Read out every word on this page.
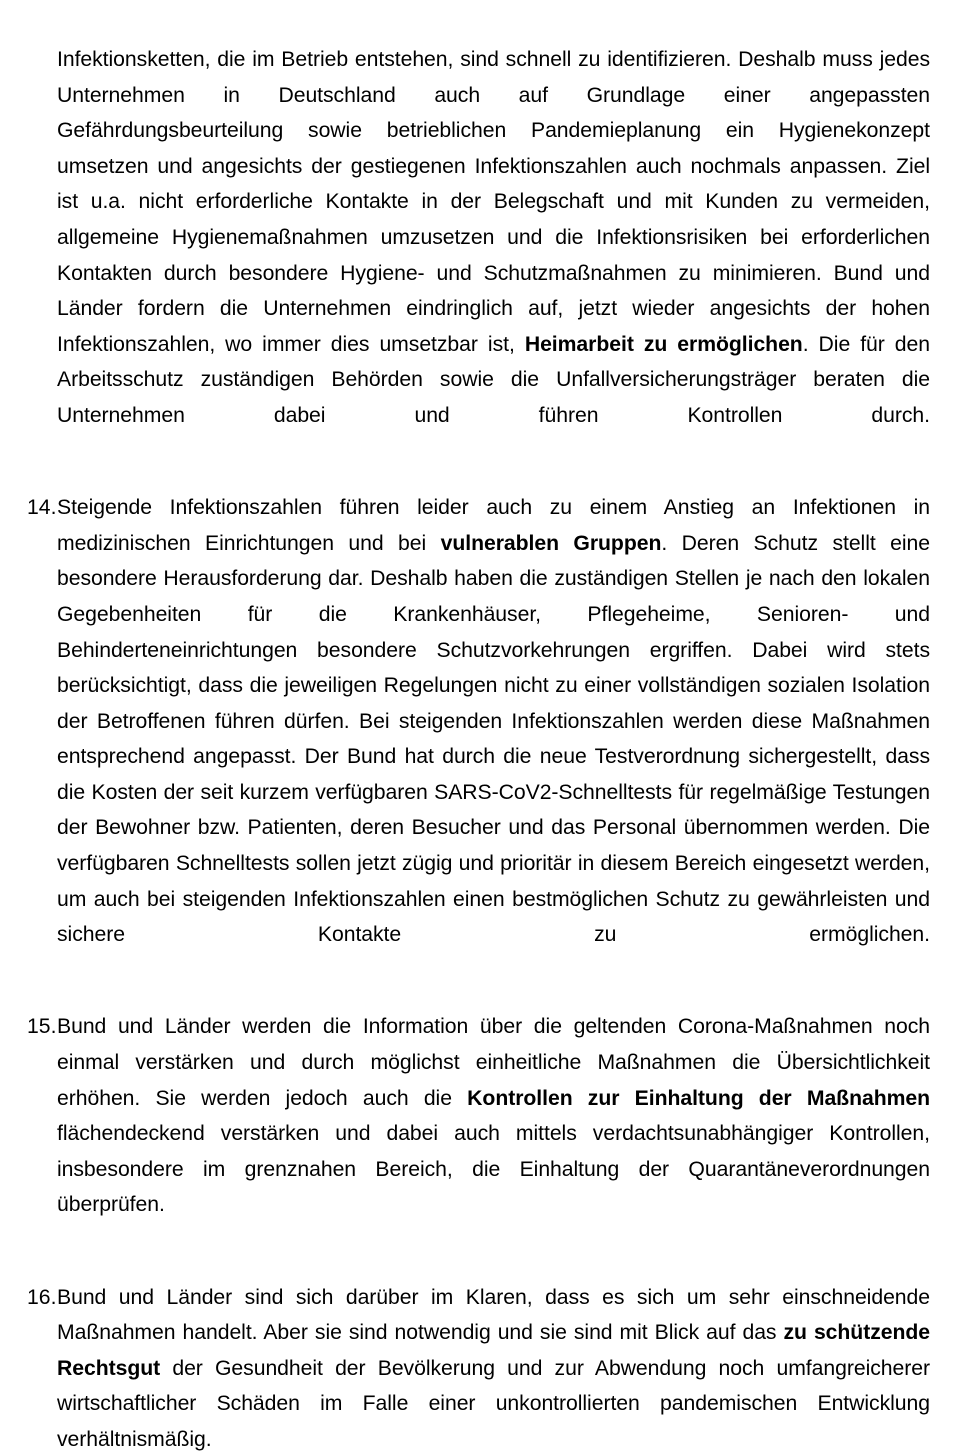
Infektionsketten, die im Betrieb entstehen, sind schnell zu identifizieren. Deshalb muss jedes Unternehmen in Deutschland auch auf Grundlage einer angepassten Gefährdungsbeurteilung sowie betrieblichen Pandemieplanung ein Hygienekonzept umsetzen und angesichts der gestiegenen Infektionszahlen auch nochmals anpassen. Ziel ist u.a. nicht erforderliche Kontakte in der Belegschaft und mit Kunden zu vermeiden, allgemeine Hygienemaßnahmen umzusetzen und die Infektionsrisiken bei erforderlichen Kontakten durch besondere Hygiene- und Schutzmaßnahmen zu minimieren. Bund und Länder fordern die Unternehmen eindringlich auf, jetzt wieder angesichts der hohen Infektionszahlen, wo immer dies umsetzbar ist, Heimarbeit zu ermöglichen. Die für den Arbeitsschutz zuständigen Behörden sowie die Unfallversicherungsträger beraten die Unternehmen dabei und führen Kontrollen durch.

14. Steigende Infektionszahlen führen leider auch zu einem Anstieg an Infektionen in medizinischen Einrichtungen und bei vulnerablen Gruppen. Deren Schutz stellt eine besondere Herausforderung dar. Deshalb haben die zuständigen Stellen je nach den lokalen Gegebenheiten für die Krankenhäuser, Pflegeheime, Senioren- und Behinderteneinrichtungen besondere Schutzvorkehrungen ergriffen. Dabei wird stets berücksichtigt, dass die jeweiligen Regelungen nicht zu einer vollständigen sozialen Isolation der Betroffenen führen dürfen. Bei steigenden Infektionszahlen werden diese Maßnahmen entsprechend angepasst. Der Bund hat durch die neue Testverordnung sichergestellt, dass die Kosten der seit kurzem verfügbaren SARS-CoV2-Schnelltests für regelmäßige Testungen der Bewohner bzw. Patienten, deren Besucher und das Personal übernommen werden. Die verfügbaren Schnelltests sollen jetzt zügig und prioritär in diesem Bereich eingesetzt werden, um auch bei steigenden Infektionszahlen einen bestmöglichen Schutz zu gewährleisten und sichere Kontakte zu ermöglichen.
15. Bund und Länder werden die Information über die geltenden Corona-Maßnahmen noch einmal verstärken und durch möglichst einheitliche Maßnahmen die Übersichtlichkeit erhöhen. Sie werden jedoch auch die Kontrollen zur Einhaltung der Maßnahmen flächendeckend verstärken und dabei auch mittels verdachtsunabhängiger Kontrollen, insbesondere im grenznahen Bereich, die Einhaltung der Quarantäneverordnungen überprüfen.
16. Bund und Länder sind sich darüber im Klaren, dass es sich um sehr einschneidende Maßnahmen handelt. Aber sie sind notwendig und sie sind mit Blick auf das zu schützende Rechtsgut der Gesundheit der Bevölkerung und zur Abwendung noch umfangreicherer wirtschaftlicher Schäden im Falle einer unkontrollierten pandemischen Entwicklung verhältnismäßig.
